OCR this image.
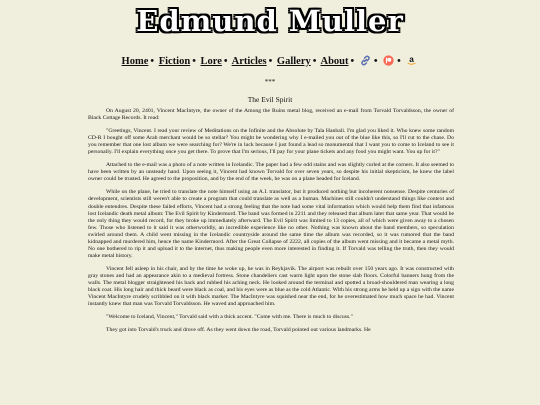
Edmund Muller
Home • Fiction • Lore • Articles • Gallery • About • • • a
***
The Evil Spirit

On August 20, 2401, Vincent MacIntyre, the owner of the Among the Ruins metal blog, received an e-mail from Torvald Torvaldsson, the owner of Black Cottage Records. It read:

"Greetings, Vincent. I read your review of Meditations on the Infinite and the Absolute by Tala Hanbali. I'm glad you liked it. Who knew some random CD-R I bought off some Arab merchant would be so stellar? You might be wondering why I e-mailed you out of the blue like this, so I'll cut to the chase. Do you remember that one lost album we were searching for? We're in luck because I just found a lead so monumental that I want you to come to Iceland to see it personally. I'll explain everything once you get there. To prove that I'm serious, I'll pay for your plane tickets and any food you might want. You up for it?"

Attached to the e-mail was a photo of a note written in Icelandic. The paper had a few odd stains and was slightly curled at the corners. It also seemed to have been written by an unsteady hand. Upon seeing it, Vincent had known Torvald for over seven years, so despite his initial skepticism, he knew the label owner could be trusted. He agreed to the proposition, and by the end of the week, he was on a plane headed for Iceland.

While on the plane, he tried to translate the note himself using an A.I. translator, but it produced nothing but incoherent nonsense. Despite centuries of development, scientists still weren't able to create a program that could translate as well as a human. Machines still couldn't understand things like context and double entendres. Despite these failed efforts, Vincent had a strong feeling that the note had some vital information which would help them find that infamous lost Icelandic death metal album: The Evil Spirit by Kindermord. The band was formed in 2211 and they released that album later that same year. That would be the only thing they would record, for they broke up immediately afterward. The Evil Spirit was limited to 13 copies, all of which were given away to a chosen few. Those who listened to it said it was otherworldly, an incredible experience like no other. Nothing was known about the band members, so speculation swirled around them. A child went missing in the Icelandic countryside around the same time the album was recorded, so it was rumored that the band kidnapped and murdered him, hence the name Kindermord. After the Great Collapse of 2222, all copies of the album went missing and it became a metal myth. No one bothered to rip it and upload it to the internet, thus making people even more interested in finding it. If Torvald was telling the truth, then they would make metal history.

Vincent fell asleep in his chair, and by the time he woke up, he was in Reykjavik. The airport was rebuilt over 150 years ago. It was constructed with gray stones and had an appearance akin to a medieval fortress. Stone chandeliers cast warm light upon the stone slab floors. Colorful banners hung from the walls. The metal blogger straightened his back and rubbed his aching neck. He looked around the terminal and spotted a broad-shouldered man wearing a long black coat. His long hair and thick beard were black as coal, and his eyes were as blue as the cold Atlantic. With his strong arms he held up a sign with the name Vincent MacIntyre crudely scribbled on it with black marker. The MacIntyre was squished near the end, for he overestimated how much space he had. Vincent instantly knew that man was Torvald Torvaldsson. He waved and approached him.

"Welcome to Iceland, Vincent," Torvald said with a thick accent. "Come with me. There is much to discuss."

They got into Torvald's truck and drove off. As they went down the road, Torvald pointed out various landmarks. He
